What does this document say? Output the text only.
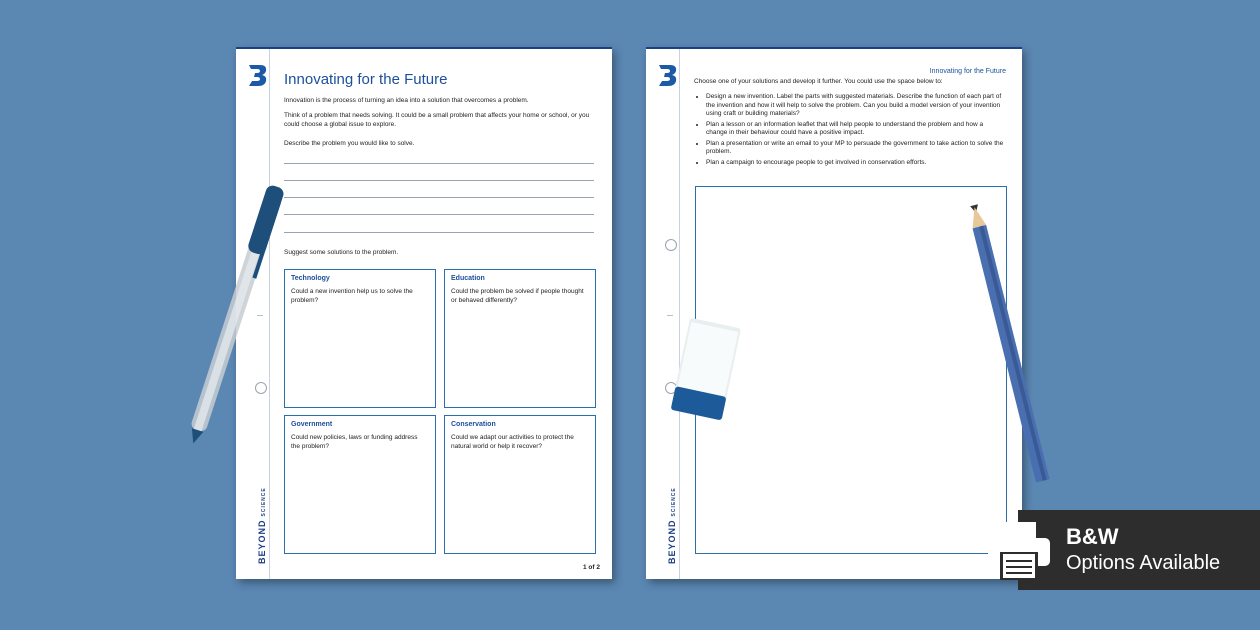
BEYONDSCIENCE
Innovating for the Future
Innovation is the process of turning an idea into a solution that overcomes a problem.
Think of a problem that needs solving. It could be a small problem that affects your home or school, or you could choose a global issue to explore.
Describe the problem you would like to solve.
Suggest some solutions to the problem.
Technology
Could a new invention help us to solve the problem?
Education
Could the problem be solved if people thought or behaved differently?
Government
Could new policies, laws or funding address the problem?
Conservation
Could we adapt our activities to protect the natural world or help it recover?
1 of 2
BEYONDSCIENCE
Innovating for the Future
Choose one of your solutions and develop it further. You could use the space below to:
• Design a new invention. Label the parts with suggested materials. Describe the function of each part of the invention and how it will help to solve the problem. Can you build a model version of your invention using craft or building materials?
• Plan a lesson or an information leaflet that will help people to understand the problem and how a change in their behaviour could have a positive impact.
• Plan a presentation or write an email to your MP to persuade the government to take action to solve the problem.
• Plan a campaign to encourage people to get involved in conservation efforts.
B&W
Options Available
